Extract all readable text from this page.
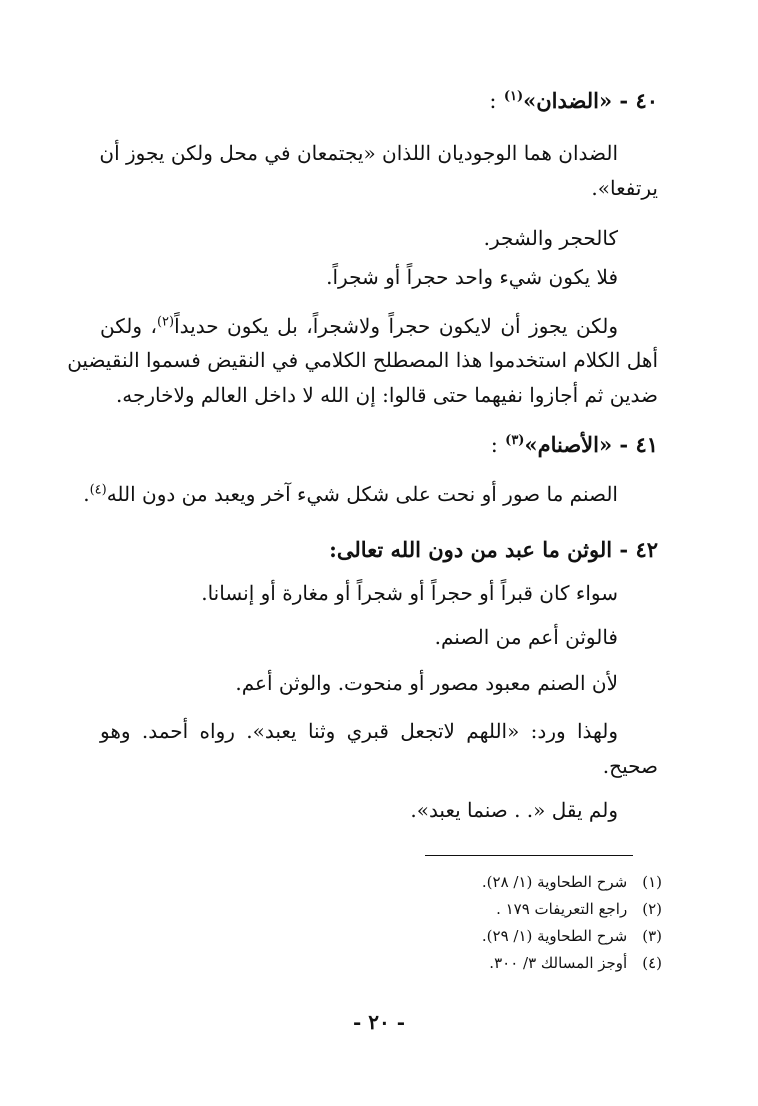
٤٠ - «الضدان»$^{(١)}$ :
الضدان هما الوجوديان اللذان «يجتمعان في محل ولكن يجوز أن
يرتفعا».
كالحجر والشجر.
فلا يكون شيء واحد حجراً أو شجراً.
ولكن يجوز أن لايكون حجراً ولاشجراً، بل يكون حديداً$^{(٢)}$، ولكن
أهل الكلام استخدموا هذا المصطلح الكلامي في النقيض فسموا النقيضين
ضدين ثم أجازوا نفيهما حتى قالوا: إن الله لا داخل العالم ولاخارجه.
٤١ - «الأصنام»$^{(٣)}$ :
الصنم ما صور أو نحت على شكل شيء آخر ويعبد من دون الله$^{(٤)}$.
٤٢ - الوثن ما عبد من دون الله تعالى:
سواء كان قبراً أو حجراً أو شجراً أو مغارة أو إنسانا.
فالوثن أعم من الصنم.
لأن الصنم معبود مصور أو منحوت. والوثن أعم.
ولهذا ورد: «اللهم لاتجعل قبري وثنا يعبد». رواه أحمد. وهو
صحيح.
ولم يقل «. . صنما يعبد».
(١) شرح الطحاوية (١/ ٢٨).
(٢) راجع التعريفات ١٧٩ .
(٣) شرح الطحاوية (١/ ٢٩).
(٤) أوجز المسالك ٣/ ٣٠٠.
- ٢٠ -
